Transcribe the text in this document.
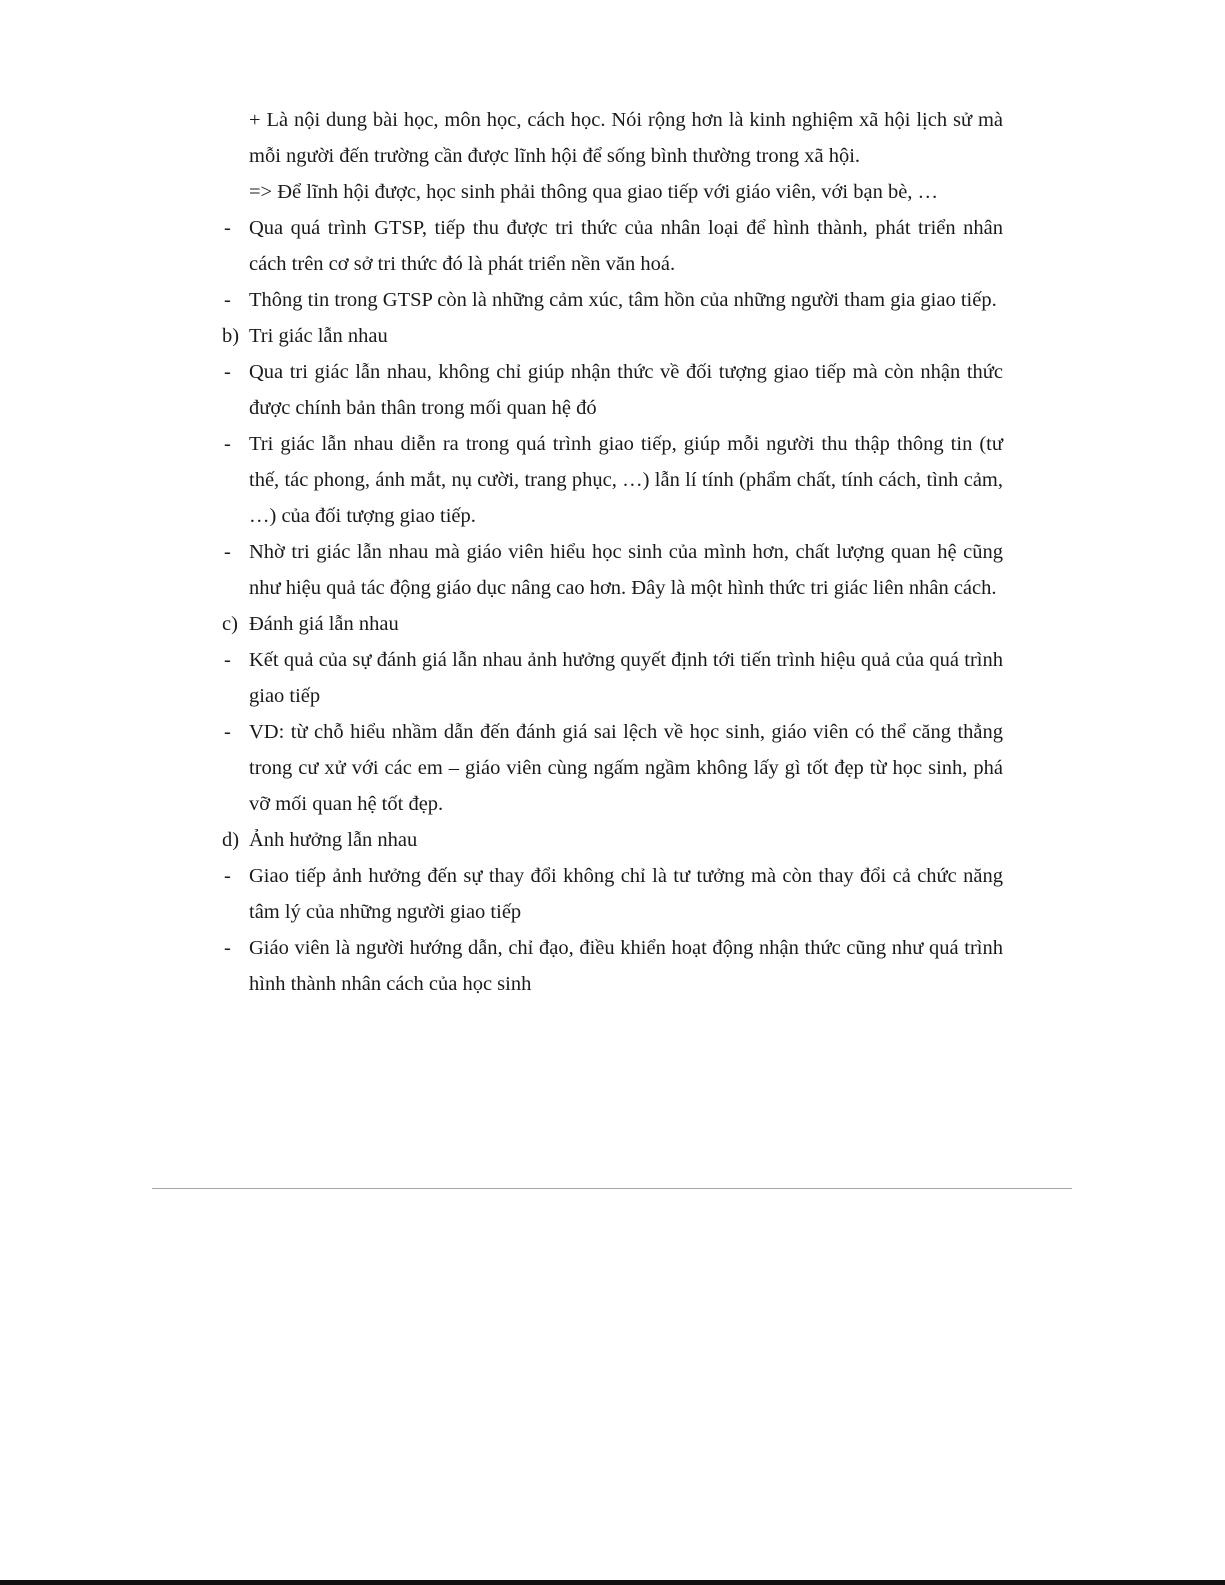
+ Là nội dung bài học, môn học, cách học. Nói rộng hơn là kinh nghiệm xã hội lịch sử mà mỗi người đến trường cần được lĩnh hội để sống bình thường trong xã hội.
=> Để lĩnh hội được, học sinh phải thông qua giao tiếp với giáo viên, với bạn bè, …
- Qua quá trình GTSP, tiếp thu được tri thức của nhân loại để hình thành, phát triển nhân cách trên cơ sở tri thức đó là phát triển nền văn hoá.
- Thông tin trong GTSP còn là những cảm xúc, tâm hồn của những người tham gia giao tiếp.
b) Tri giác lẫn nhau
- Qua tri giác lẫn nhau, không chỉ giúp nhận thức về đối tượng giao tiếp mà còn nhận thức được chính bản thân trong mối quan hệ đó
- Tri giác lẫn nhau diễn ra trong quá trình giao tiếp, giúp mỗi người thu thập thông tin (tư thế, tác phong, ánh mắt, nụ cười, trang phục, …) lẫn lí tính (phẩm chất, tính cách, tình cảm, …) của đối tượng giao tiếp.
- Nhờ tri giác lẫn nhau mà giáo viên hiểu học sinh của mình hơn, chất lượng quan hệ cũng như hiệu quả tác động giáo dục nâng cao hơn. Đây là một hình thức tri giác liên nhân cách.
c) Đánh giá lẫn nhau
- Kết quả của sự đánh giá lẫn nhau ảnh hưởng quyết định tới tiến trình hiệu quả của quá trình giao tiếp
- VD: từ chỗ hiểu nhầm dẫn đến đánh giá sai lệch về học sinh, giáo viên có thể căng thẳng trong cư xử với các em – giáo viên cùng ngấm ngầm không lấy gì tốt đẹp từ học sinh, phá vỡ mối quan hệ tốt đẹp.
d) Ảnh hưởng lẫn nhau
- Giao tiếp ảnh hưởng đến sự thay đổi không chỉ là tư tưởng mà còn thay đổi cả chức năng tâm lý của những người giao tiếp
- Giáo viên là người hướng dẫn, chỉ đạo, điều khiển hoạt động nhận thức cũng như quá trình hình thành nhân cách của học sinh
